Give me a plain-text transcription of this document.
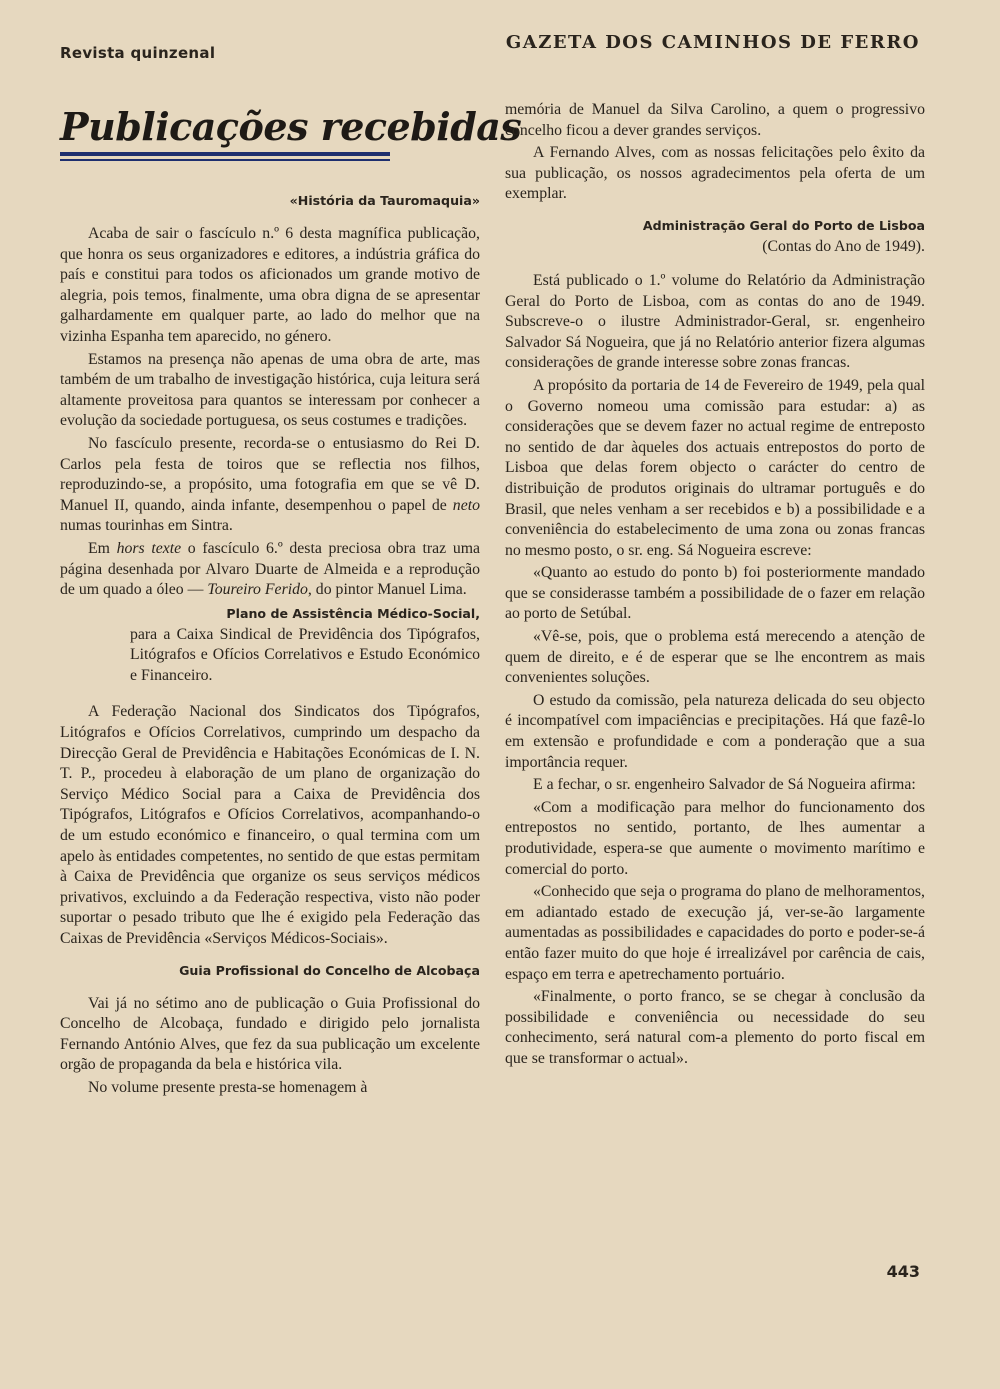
Revista quinzenal	GAZETA DOS CAMINHOS DE FERRO
Publicações recebidas
«História da Tauromaquia»

Acaba de sair o fascículo n.º 6 desta magnífica publicação, que honra os seus organizadores e editores, a indústria gráfica do país e constitui para todos os aficionados um grande motivo de alegria, pois temos, finalmente, uma obra digna de se apresentar galhardamente em qualquer parte, ao lado do melhor que na vizinha Espanha tem aparecido, no género.

Estamos na presença não apenas de uma obra de arte, mas também de um trabalho de investigação histórica, cuja leitura será altamente proveitosa para quantos se interessam por conhecer a evolução da sociedade portuguesa, os seus costumes e tradições.

No fascículo presente, recorda-se o entusiasmo do Rei D. Carlos pela festa de toiros que se reflectia nos filhos, reproduzindo-se, a propósito, uma fotografia em que se vê D. Manuel II, quando, ainda infante, desempenhou o papel de neto numas tourinhas em Sintra.

Em hors texte o fascículo 6.º desta preciosa obra traz uma página desenhada por Alvaro Duarte de Almeida e a reprodução de um quado a óleo — Toureiro Ferido, do pintor Manuel Lima.

Plano de Assistência Médico-Social,
para a Caixa Sindical de Previdência dos Tipógrafos, Litógrafos e Ofícios Correlativos e Estudo Económico e Financeiro.

A Federação Nacional dos Sindicatos dos Tipógrafos, Litógrafos e Ofícios Correlativos, cumprindo um despacho da Direcção Geral de Previdência e Habitações Económicas de I. N. T. P., procedeu à elaboração de um plano de organização do Serviço Médico Social para a Caixa de Previdência dos Tipógrafos, Litógrafos e Ofícios Correlativos, acompanhando-o de um estudo económico e financeiro, o qual termina com um apelo às entidades competentes, no sentido de que estas permitam à Caixa de Previdência que organize os seus serviços médicos privativos, excluindo a da Federação respectiva, visto não poder suportar o pesado tributo que lhe é exigido pela Federação das Caixas de Previdência «Serviços Médicos-Sociais».

Guia Profissional do Concelho de Alcobaça

Vai já no sétimo ano de publicação o Guia Profissional do Concelho de Alcobaça, fundado e dirigido pelo jornalista Fernando António Alves, que fez da sua publicação um excelente orgão de propaganda da bela e histórica vila.

No volume presente presta-se homenagem à

memória de Manuel da Silva Carolino, a quem o progressivo concelho ficou a dever grandes serviços.

A Fernando Alves, com as nossas felicitações pelo êxito da sua publicação, os nossos agradecimentos pela oferta de um exemplar.

Administração Geral do Porto de Lisboa
(Contas do Ano de 1949).

Está publicado o 1.º volume do Relatório da Administração Geral do Porto de Lisboa, com as contas do ano de 1949. Subscreve-o o ilustre Administrador-Geral, sr. engenheiro Salvador Sá Nogueira, que já no Relatório anterior fizera algumas considerações de grande interesse sobre zonas francas.

A propósito da portaria de 14 de Fevereiro de 1949, pela qual o Governo nomeou uma comissão para estudar: a) as considerações que se devem fazer no actual regime de entreposto no sentido de dar àqueles dos actuais entrepostos do porto de Lisboa que delas forem objecto o carácter do centro de distribuição de produtos originais do ultramar português e do Brasil, que neles venham a ser recebidos e b) a possibilidade e a conveniência do estabelecimento de uma zona ou zonas francas no mesmo posto, o sr. eng. Sá Nogueira escreve:

«Quanto ao estudo do ponto b) foi posteriormente mandado que se considerasse também a possibilidade de o fazer em relação ao porto de Setúbal.

«Vê-se, pois, que o problema está merecendo a atenção de quem de direito, e é de esperar que se lhe encontrem as mais convenientes soluções.

O estudo da comissão, pela natureza delicada do seu objecto é incompatível com impaciências e precipitações. Há que fazê-lo em extensão e profundidade e com a ponderação que a sua importância requer.

E a fechar, o sr. engenheiro Salvador de Sá Nogueira afirma:

«Com a modificação para melhor do funcionamento dos entrepostos no sentido, portanto, de lhes aumentar a produtividade, espera-se que aumente o movimento marítimo e comercial do porto.

«Conhecido que seja o programa do plano de melhoramentos, em adiantado estado de execução já, ver-se-ão largamente aumentadas as possibilidades e capacidades do porto e poder-se-á então fazer muito do que hoje é irrealizável por carência de cais, espaço em terra e apetrechamento portuário.

«Finalmente, o porto franco, se se chegar à conclusão da possibilidade e conveniência ou necessidade do seu conhecimento, será natural com-a plemento do porto fiscal em que se transformar o actual».

443
